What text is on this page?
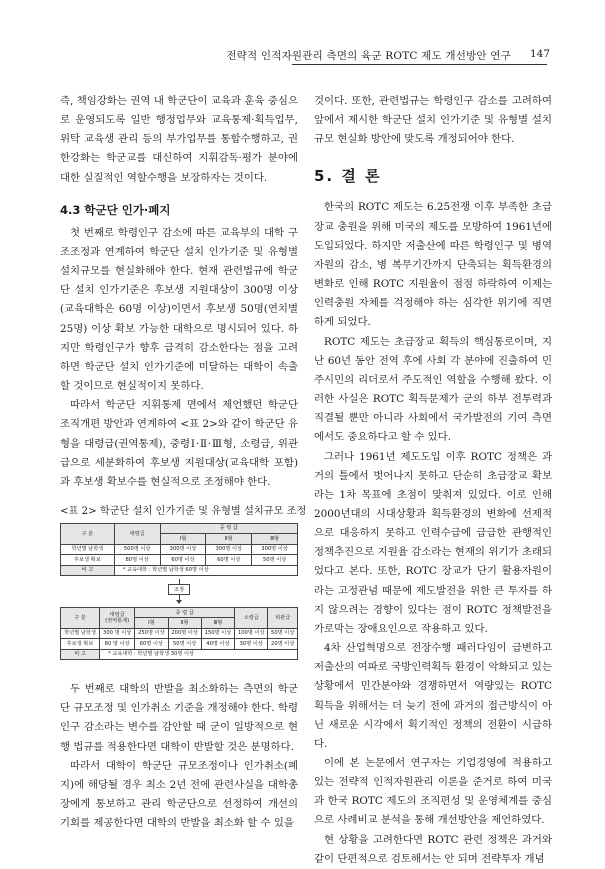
전략적 인적자원관리 측면의 육군 ROTC 제도 개선방안 연구 147

즉, 책임강화는 권역 내 학군단이 교육과 훈육 중심으로 운영되도록 일반 행정업무와 교육통제·획득업무, 위탁 교육생 관리 등의 부가업무를 통합수행하고, 권한강화는 학군교를 대신하여 지휘감독·평가 분야에 대한 실질적인 역할수행을 보장하자는 것이다.

4.3 학군단 인가·폐지

첫 번째로 학령인구 감소에 따른 교육부의 대학 구조조정과 연계하여 학군단 설치 인가기준 및 유형별 설치규모를 현실화해야 한다. 현재 관련법규에 학군단 설치 인가기준은 후보생 지원대상이 300명 이상(교육대학은 60명 이상)이면서 후보생 50명(연치별 25명) 이상 확보 가능한 대학으로 명시되어 있다. 하지만 학령인구가 향후 급격히 감소한다는 점을 고려하면 학군단 설치 인가기준에 미달하는 대학이 속출할 것이므로 현실적이지 못하다.

따라서 학군단 지휘통제 면에서 제언했던 학군단 조직개편 방안과 연계하여 <표 2>와 같이 학군단 유형을 대령급(권역통제), 중령Ⅰ·Ⅱ·Ⅲ형, 소령급, 위관급으로 세분화하여 후보생 지원대상(교육대학 포함)과 후보생 확보수를 현실적으로 조정해야 한다.

<표 2> 학군단 설치 인가기준 및 유형별 설치규모 조정
구 분	대령급	중 령 급		
		Ⅰ형	Ⅱ형	Ⅲ형
학년별 남학생	500명 이상	300명 이상	300명 이상	300명 이상
후보생 확보	80명 이상	60명 이상	60명 이상	50명 이상
비 고	* 교육대학 : 학년별 남학생 60명 이상			
조정
구 분	대령급
(권역통제)	중 령 급			소령급	위관급
		Ⅰ형	Ⅱ형	Ⅲ형		
학년별 남학생	300 명 이상	250명 이상	200명 이상	150명 이상	100명 이상	50명 이상
후보생 확보	80 명 이상	60명 이상	50명 이상	40명 이상	30명 이상	20명 이상
비 고	* 교육대학 : 학년별 남학생 30명 이상					

두 번째로 대학의 반발을 최소화하는 측면의 학군단 규모조정 및 인가취소 기준을 개정해야 한다. 학령인구 감소라는 변수를 감안할 때 군이 일방적으로 현행 법규를 적용한다면 대학이 반발할 것은 분명하다.

따라서 대학이 학군단 규모조정이나 인가취소(폐지)에 해당될 경우 최소 2년 전에 관련사실을 대학총장에게 통보하고 관리 학군단으로 선정하여 개선의 기회를 제공한다면 대학의 반발을 최소화 할 수 있을

것이다. 또한, 관련법규는 학령인구 감소를 고려하여 앞에서 제시한 학군단 설치 인가기준 및 유형별 설치규모 현실화 방안에 맞도록 개정되어야 한다.

5. 결 론

한국의 ROTC 제도는 6.25전쟁 이후 부족한 초급장교 충원을 위해 미국의 제도를 모방하여 1961년에 도입되었다. 하지만 저출산에 따른 학령인구 및 병역자원의 감소, 병 복무기간까지 단축되는 획득환경의 변화로 인해 ROTC 지원율이 점점 하락하여 이제는 인력충원 자체를 걱정해야 하는 심각한 위기에 직면하게 되었다.

ROTC 제도는 초급장교 획득의 핵심통로이며, 지난 60년 동안 전역 후에 사회 각 분야에 진출하여 민주시민의 리더로서 주도적인 역할을 수행해 왔다. 이러한 사실은 ROTC 획득문제가 군의 하부 전투력과 직결될 뿐만 아니라 사회에서 국가발전의 기여 측면에서도 중요하다고 할 수 있다.

그러나 1961년 제도도입 이후 ROTC 정책은 과거의 틀에서 벗어나지 못하고 단순히 초급장교 확보라는 1차 목표에 초점이 맞춰져 있었다. 이로 인해 2000년대의 시대상황과 획득환경의 변화에 선제적으로 대응하지 못하고 인력수급에 급급한 관행적인 정책추진으로 지원율 감소라는 현재의 위기가 초래되었다고 본다. 또한, ROTC 장교가 단기 활용자원이라는 고정관념 때문에 제도발전을 위한 큰 투자를 하지 않으려는 경향이 있다는 점이 ROTC 정책발전을 가로막는 장애요인으로 작용하고 있다.

4차 산업혁명으로 전장수행 패러다임이 급변하고 저출산의 여파로 국방인력획득 환경이 악화되고 있는 상황에서 민간분야와 경쟁하면서 역량있는 ROTC 획득을 위해서는 더 늦기 전에 과거의 접근방식이 아닌 새로운 시각에서 획기적인 정책의 전환이 시급하다.

이에 본 논문에서 연구자는 기업경영에 적용하고 있는 전략적 인적자원관리 이론을 준거로 하여 미국과 한국 ROTC 제도의 조직편성 및 운영체계를 중심으로 사례비교 분석을 통해 개선방안을 제언하였다.

현 상황을 고려한다면 ROTC 관련 정책은 과거와 같이 단편적으로 검토해서는 안 되며 전략투자 개념
